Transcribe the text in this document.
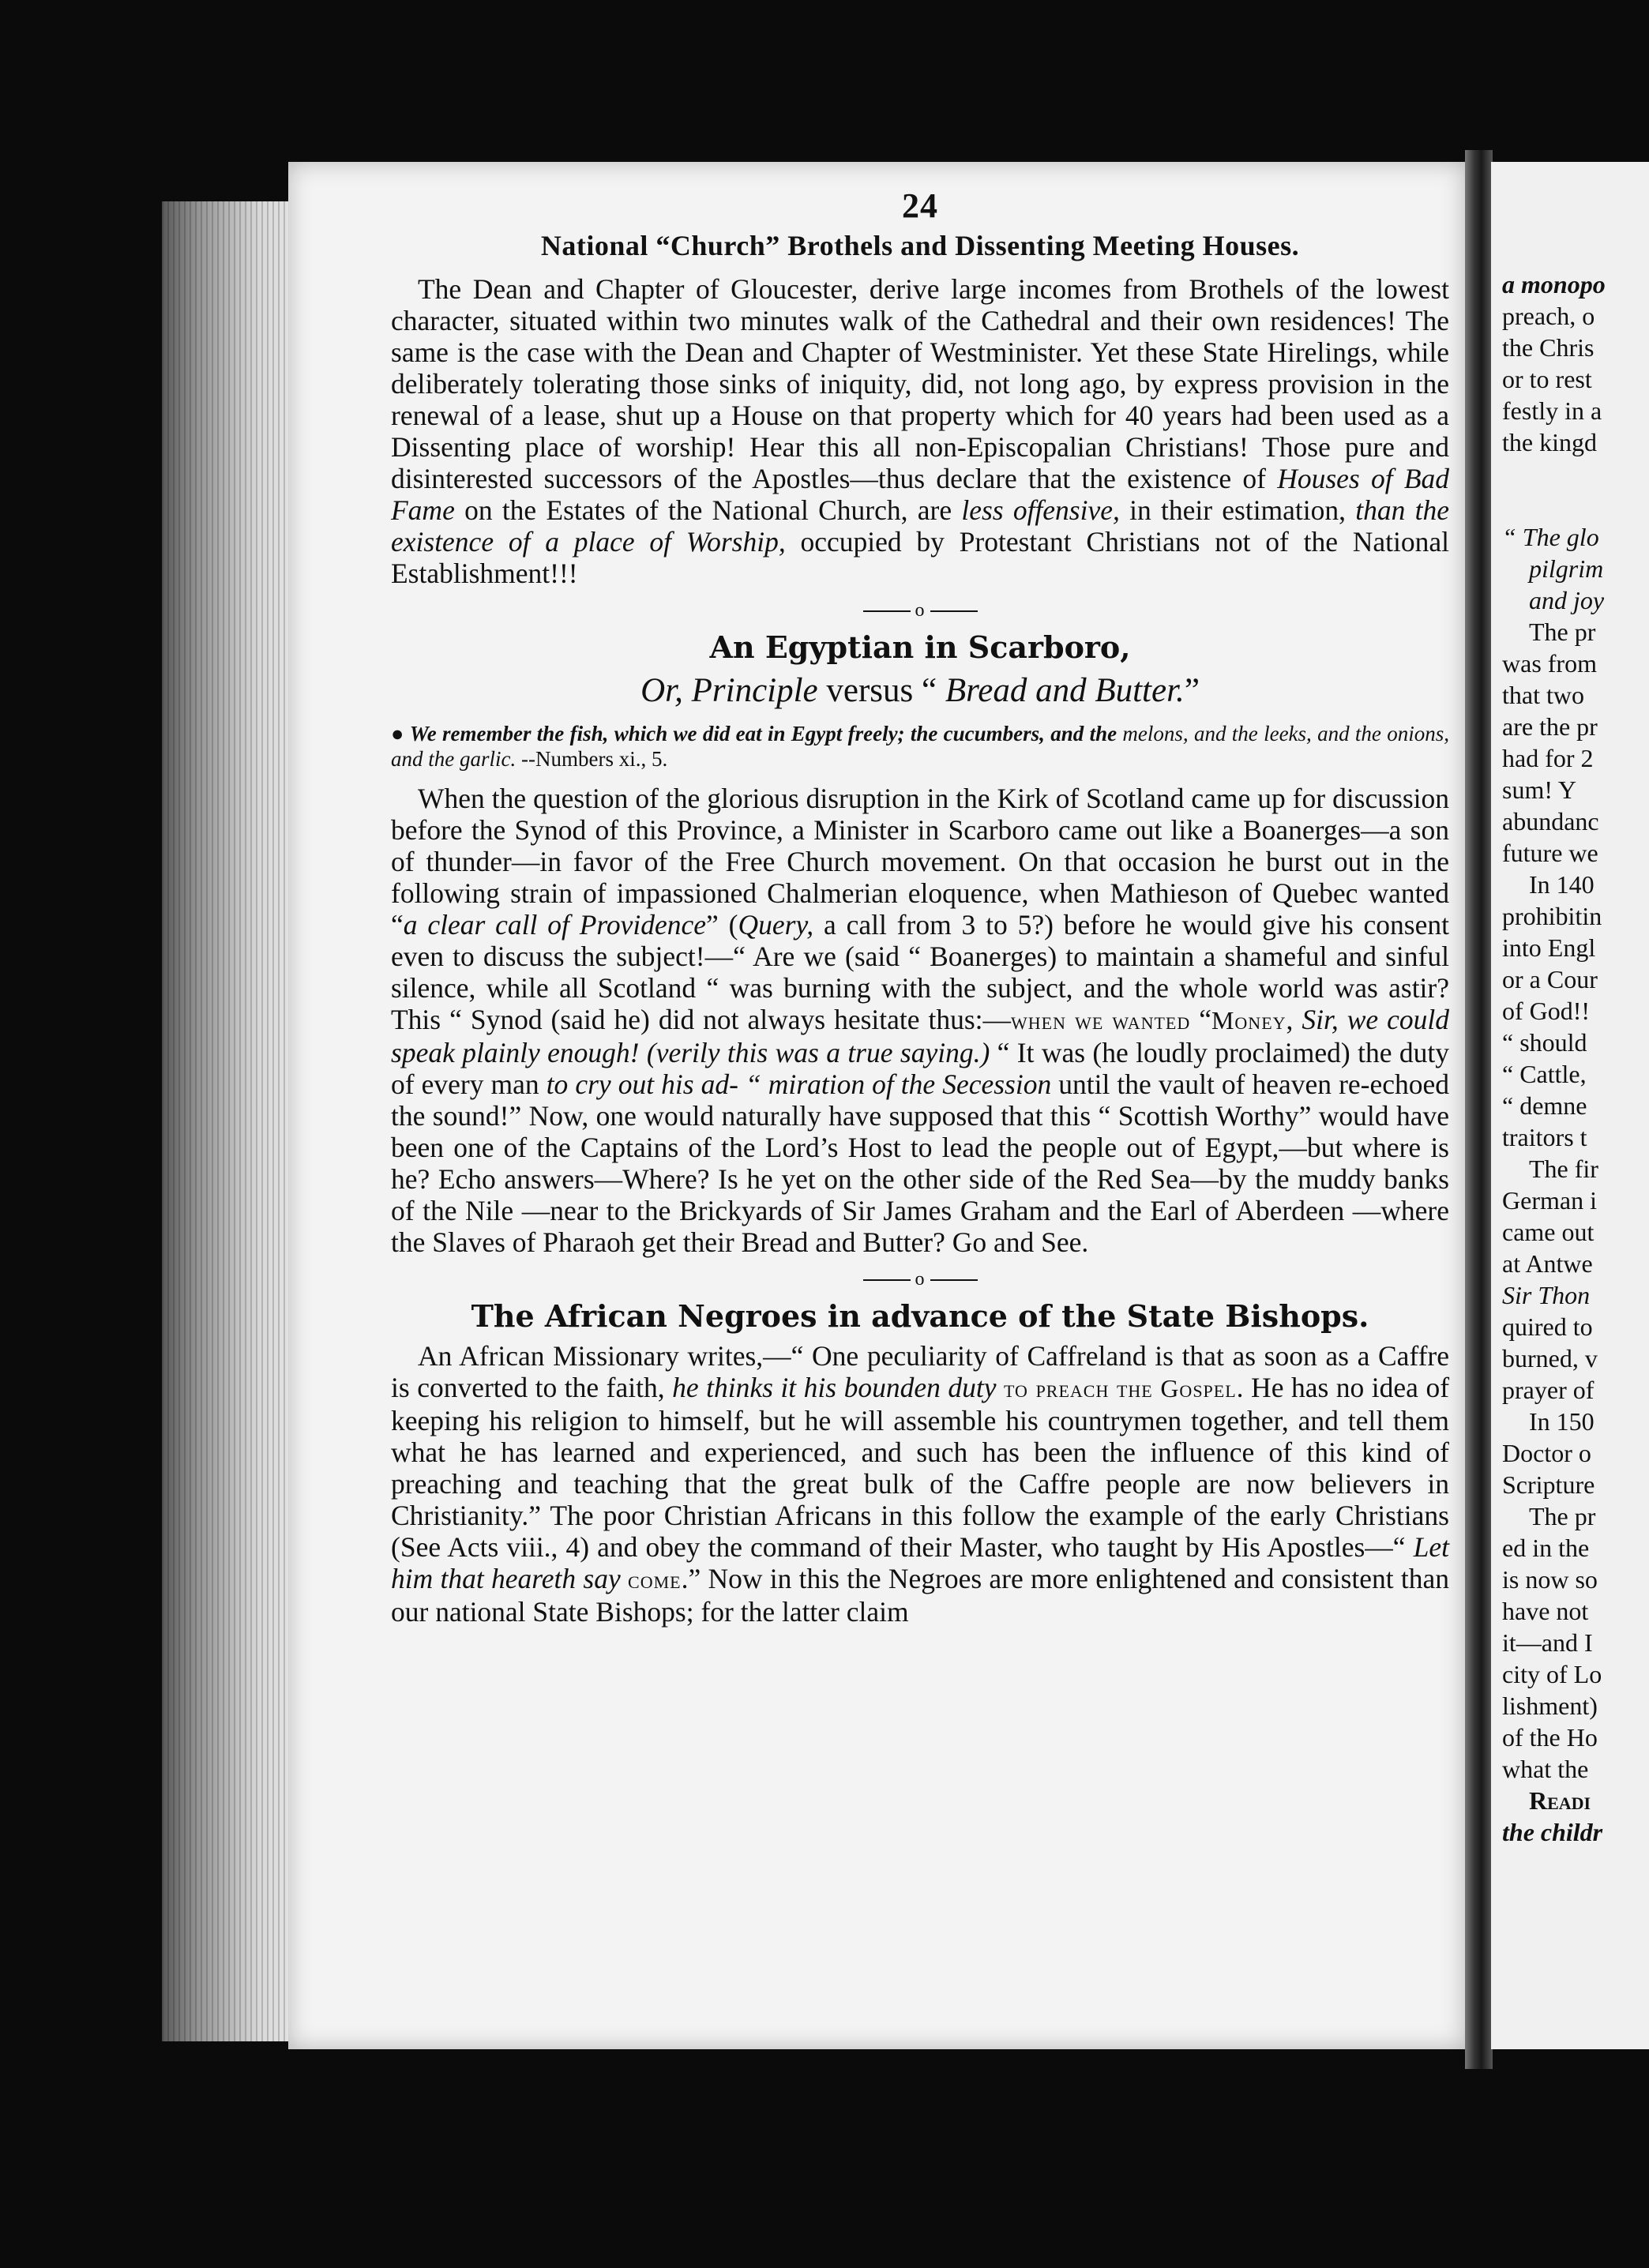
24
National “Church” Brothels and Dissenting Meeting Houses.

The Dean and Chapter of Gloucester, derive large incomes from Brothels of the lowest character, situated within two minutes walk of the Cathedral and their own residences! The same is the case with the Dean and Chapter of Westminister. Yet these State Hirelings, while deliberately tolerating those sinks of iniquity, did, not long ago, by express provision in the renewal of a lease, shut up a House on that property which for 40 years had been used as a Dissenting place of worship! Hear this all non-Episcopalian Christians! Those pure and disinterested successors of the Apostles—thus declare that the existence of Houses of Bad Fame on the Estates of the National Church, are less offensive, in their estimation, than the existence of a place of Worship, occupied by Protestant Christians not of the National Establishment!!!

o
An Egyptian in Scarboro,
Or, Principle versus “ Bread and Butter.”
● We remember the fish, which we did eat in Egypt freely; the cucumbers, and the melons, and the leeks, and the onions, and the garlic. --Numbers xi., 5.

When the question of the glorious disruption in the Kirk of Scotland came up for discussion before the Synod of this Province, a Minister in Scarboro came out like a Boanerges—a son of thunder—in favor of the Free Church movement. On that occasion he burst out in the following strain of impassioned Chalmerian eloquence, when Mathieson of Quebec wanted “a clear call of Providence” (Query, a call from 3 to 5?) before he would give his consent even to discuss the subject!—“ Are we (said “ Boanerges) to maintain a shameful and sinful silence, while all Scotland “ was burning with the subject, and the whole world was astir? This “ Synod (said he) did not always hesitate thus:—when we wanted “Money, Sir, we could speak plainly enough! (verily this was a true saying.) “ It was (he loudly proclaimed) the duty of every man to cry out his ad- “ miration of the Secession until the vault of heaven re-echoed the sound!” Now, one would naturally have supposed that this “ Scottish Worthy” would have been one of the Captains of the Lord’s Host to lead the people out of Egypt,—but where is he? Echo answers—Where? Is he yet on the other side of the Red Sea—by the muddy banks of the Nile —near to the Brickyards of Sir James Graham and the Earl of Aberdeen —where the Slaves of Pharaoh get their Bread and Butter? Go and See.

o
The African Negroes in advance of the State Bishops.

An African Missionary writes,—“ One peculiarity of Caffreland is that as soon as a Caffre is converted to the faith, he thinks it his bounden duty to preach the Gospel. He has no idea of keeping his religion to himself, but he will assemble his countrymen together, and tell them what he has learned and experienced, and such has been the influence of this kind of preaching and teaching that the great bulk of the Caffre people are now believers in Christianity.” The poor Christian Africans in this follow the example of the early Christians (See Acts viii., 4) and obey the command of their Master, who taught by His Apostles—“ Let him that heareth say come.” Now in this the Negroes are more enlightened and consistent than our national State Bishops; for the latter claim

a monopo
preach, o
the Chris
or to rest
festly in a
the kingd

“ The glo
pilgrim
and joy
The pr
was from
that two
are the pr
had for 2
sum! Y
abundanc
future we
In 140
prohibitin
into Engl
or a Cour
of God!!
“ should
“ Cattle,
“ demne
traitors t
The fir
German i
came out
at Antwe
Sir Thon
quired to
burned, v
prayer of
In 150
Doctor o
Scripture
The pr
ed in the
is now so
have not
it—and I
city of Lo
lishment)
of the Ho
what the
Readi
the childr
